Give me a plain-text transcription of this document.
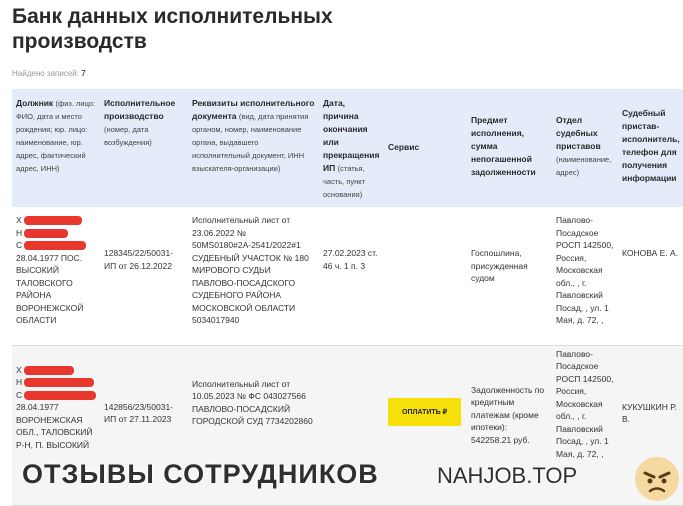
Банк данных исполнительных производств
Найдено записей: 7
Должник (физ. лицо: ФИО, дата и место рождения; юр. лицо: наименование, юр. адрес, фактический адрес, ИНН)	Исполнительное производство (номер, дата возбуждения)	Реквизиты исполнительного документа (вид, дата принятия органом, номер, наименование органа, выдавшего исполнительный документ, ИНН взыскателя-организации)	Дата, причина окончания или прекращения ИП (статья, часть, пункт основания)	Сервис	Предмет исполнения, сумма непогашенной задолженности	Отдел судебных приставов (наименование, адрес)	Судебный пристав-исполнитель, телефон для получения информации

Х
Н
С
28.04.1977 ПОС. ВЫСОКИЙ ТАЛОВСКОГО РАЙОНА ВОРОНЕЖСКОЙ ОБЛАСТИ	128345/22/50031-ИП от 26.12.2022	Исполнительный лист от 23.06.2022 № 50MS0180#2А-2541/2022#1 СУДЕБНЫЙ УЧАСТОК № 180 МИРОВОГО СУДЬИ ПАВЛОВО-ПОСАДСКОГО СУДЕБНОГО РАЙОНА МОСКОВСКОЙ ОБЛАСТИ 5034017940	27.02.2023 ст. 46 ч. 1 п. 3		Госпошлина, присужденная судом	Павлово-Посадское РОСП 142500, Россия, Московская обл., , г. Павловский Посад, , ул. 1 Мая, д. 72, ,	КОНОВА Е. А.

Х
Н
С
28.04.1977 ВОРОНЕЖСКАЯ ОБЛ., ТАЛОВСКИЙ Р-Н, П. ВЫСОКИЙ	142856/23/50031-ИП от 27.11.2023	Исполнительный лист от 10.05.2023 № ФС 043027566 ПАВЛОВО-ПОСАДСКИЙ ГОРОДСКОЙ СУД 7734202860		ОПЛАТИТЬ ₽	Задолженность по кредитным платежам (кроме ипотеки): 542258.21 руб.	Павлово-Посадское РОСП 142500, Россия, Московская обл., , г. Павловский Посад, , ул. 1 Мая, д. 72, ,	КУКУШКИН Р. В.
ОТЗЫВЫ СОТРУДНИКОВ	NAHJOB.TOP
